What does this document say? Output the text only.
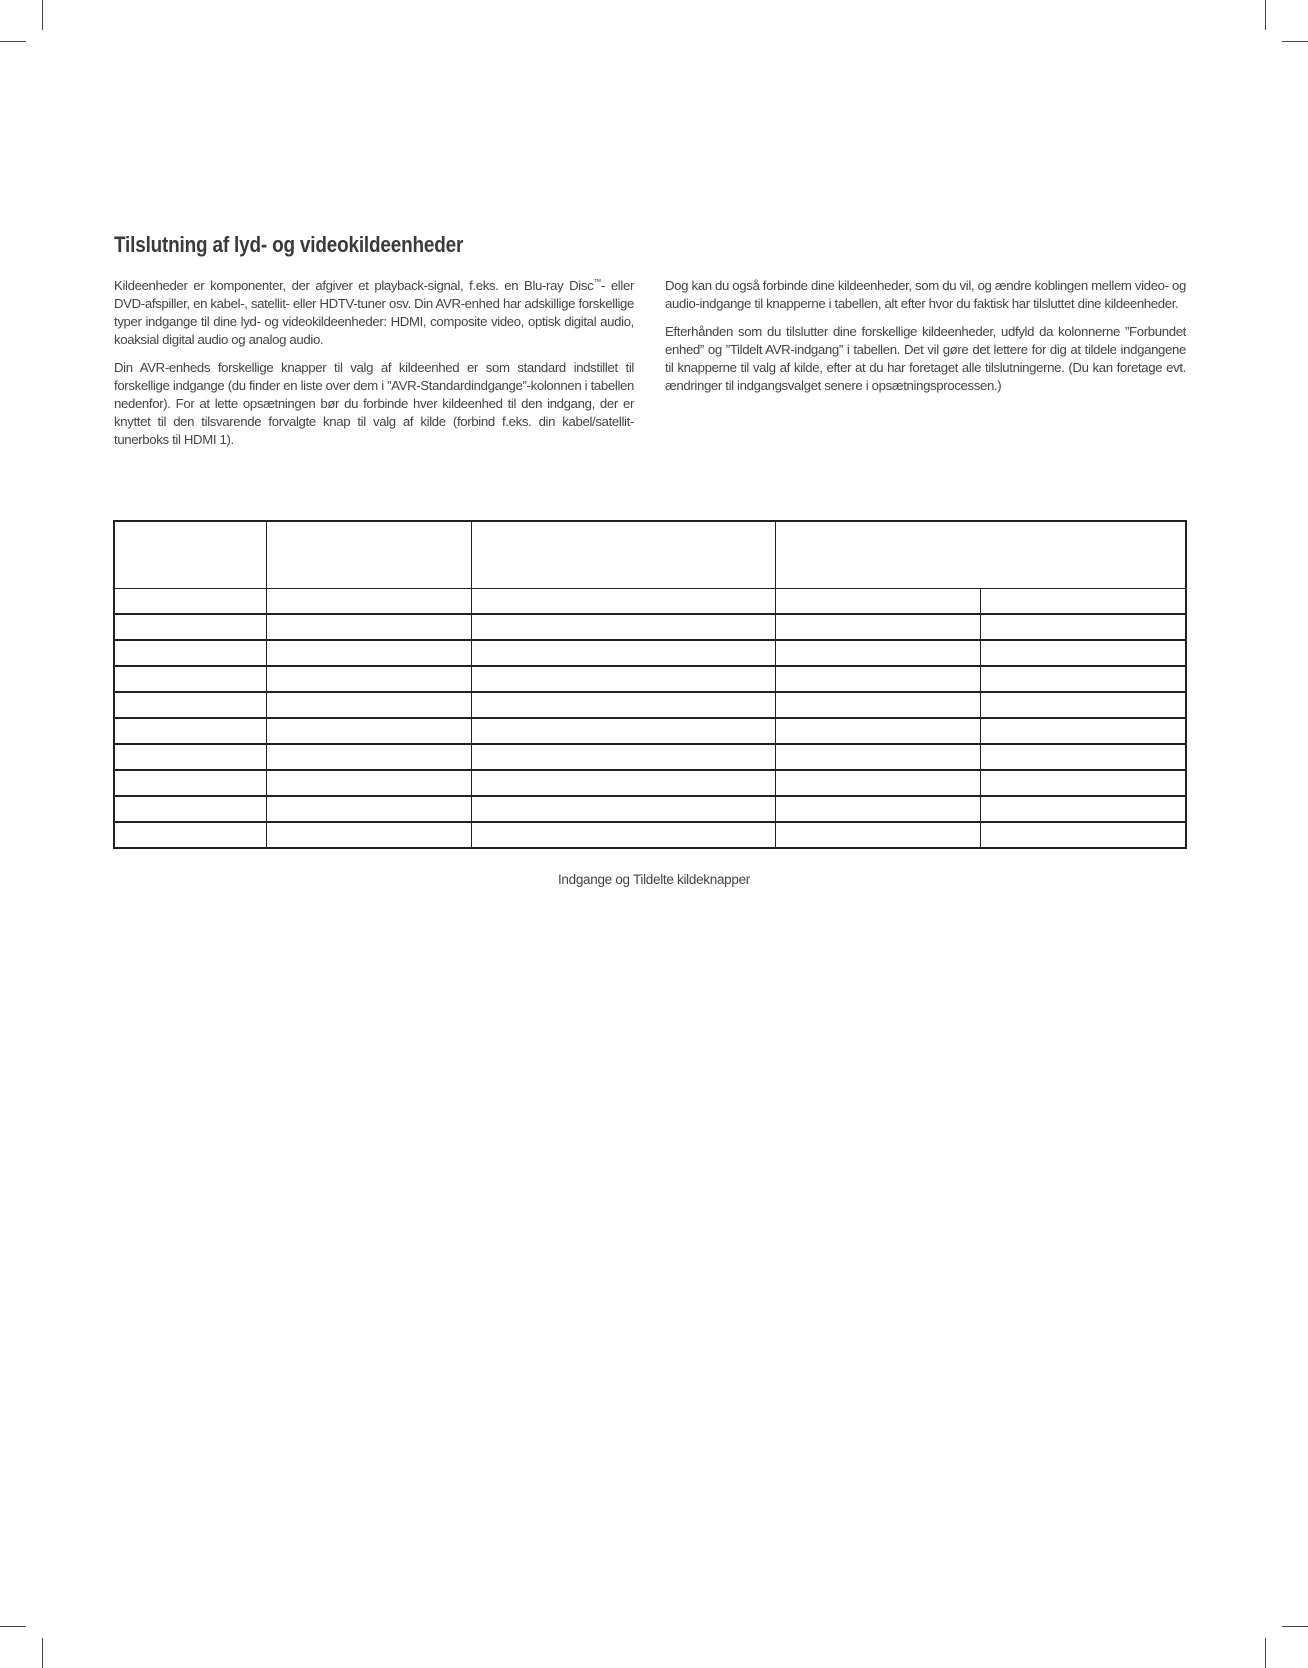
Tilslutning af lyd- og videokildeenheder

Kildeenheder er komponenter, der afgiver et playback-signal, f.eks. en Blu-ray Disc™- eller DVD-afspiller, en kabel-, satellit- eller HDTV-tuner osv. Din AVR-enhed har adskillige forskellige typer indgange til dine lyd- og videokildeenheder: HDMI, composite video, optisk digital audio, koaksial digital audio og analog audio.

Din AVR-enheds forskellige knapper til valg af kildeenhed er som standard indstillet til forskellige indgange (du finder en liste over dem i ”AVR-Standardindgange”-kolonnen i tabellen nedenfor). For at lette opsætningen bør du forbinde hver kildeenhed til den indgang, der er knyttet til den tilsvarende forvalgte knap til valg af kilde (forbind f.eks. din kabel/satellit-tunerboks til HDMI 1).

Dog kan du også forbinde dine kildeenheder, som du vil, og ændre koblingen mellem video- og audio-indgange til knapperne i tabellen, alt efter hvor du faktisk har tilsluttet dine kildeenheder.

Efterhånden som du tilslutter dine forskellige kildeenheder, udfyld da kolonnerne ”Forbundet enhed” og ”Tildelt AVR-indgang” i tabellen. Det vil gøre det lettere for dig at tildele indgangene til knapperne til valg af kilde, efter at du har foretaget alle tilslutningerne. (Du kan foretage evt. ændringer til indgangsvalget senere i opsætningsprocessen.)

Indgange og Tildelte kildeknapper
